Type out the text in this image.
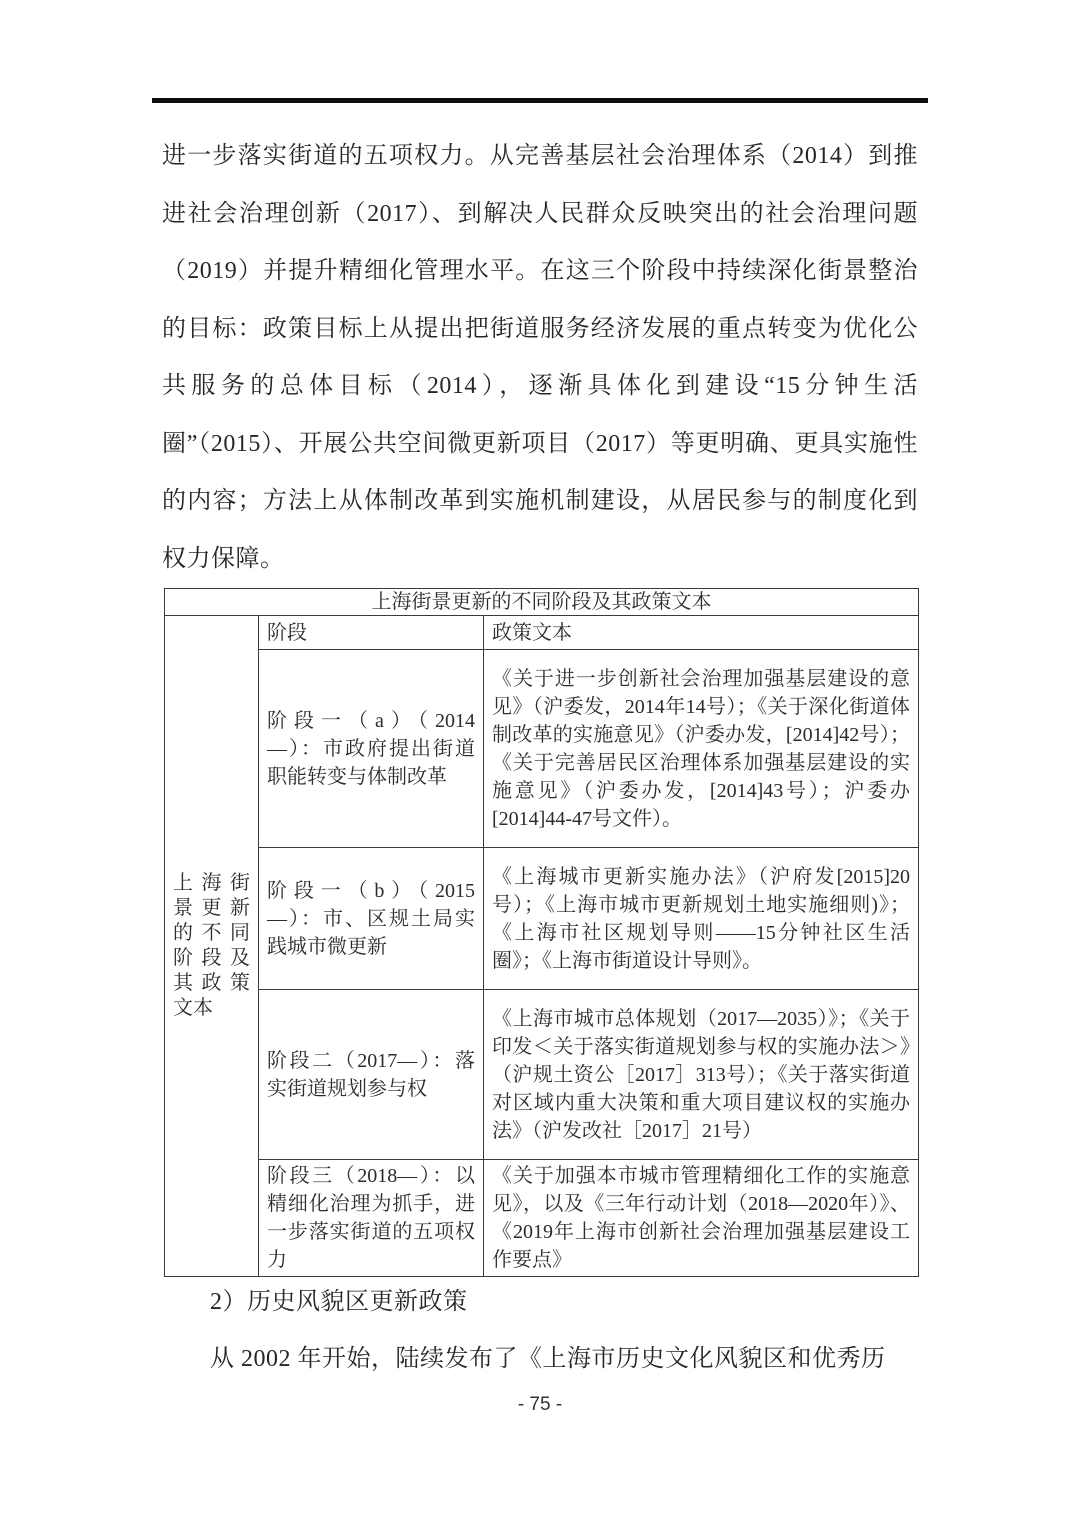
进一步落实街道的五项权力。从完善基层社会治理体系（2014）到推进社会治理创新（2017）、到解决人民群众反映突出的社会治理问题（2019）并提升精细化管理水平。在这三个阶段中持续深化街景整治的目标：政策目标上从提出把街道服务经济发展的重点转变为优化公共服务的总体目标（2014），逐渐具体化到建设“15分钟生活圈”（2015）、开展公共空间微更新项目（2017）等更明确、更具实施性的内容；方法上从体制改革到实施机制建设，从居民参与的制度化到权力保障。
上海街景更新的不同阶段及其政策文本		
上海街景更新的不同阶段及其政策文本	阶段	政策文本
	阶段一（a）（2014—）：市政府提出街道职能转变与体制改革	《关于进一步创新社会治理加强基层建设的意见》（沪委发，2014年14号）；《关于深化街道体制改革的实施意见》（沪委办发，[2014]42号）；《关于完善居民区治理体系加强基层建设的实施意见》（沪委办发，[2014]43号）；沪委办[2014]44-47号文件）。
	阶段一（b）（2015—）：市、区规土局实践城市微更新	《上海城市更新实施办法》（沪府发[2015]20号）；《上海市城市更新规划土地实施细则)》；《上海市社区规划导则——15分钟社区生活圈》；《上海市街道设计导则》。
	阶段二（2017—）：落实街道规划参与权	《上海市城市总体规划（2017—2035）》；《关于印发＜关于落实街道规划参与权的实施办法＞》（沪规土资公［2017］313号）；《关于落实街道对区域内重大决策和重大项目建议权的实施办法》（沪发改社［2017］21号）
	阶段三（2018—）：以精细化治理为抓手，进一步落实街道的五项权力	《关于加强本市城市管理精细化工作的实施意见》，以及《三年行动计划（2018—2020年）》、《2019年上海市创新社会治理加强基层建设工作要点》
2）历史风貌区更新政策
从 2002 年开始，陆续发布了《上海市历史文化风貌区和优秀历
- 75 -
